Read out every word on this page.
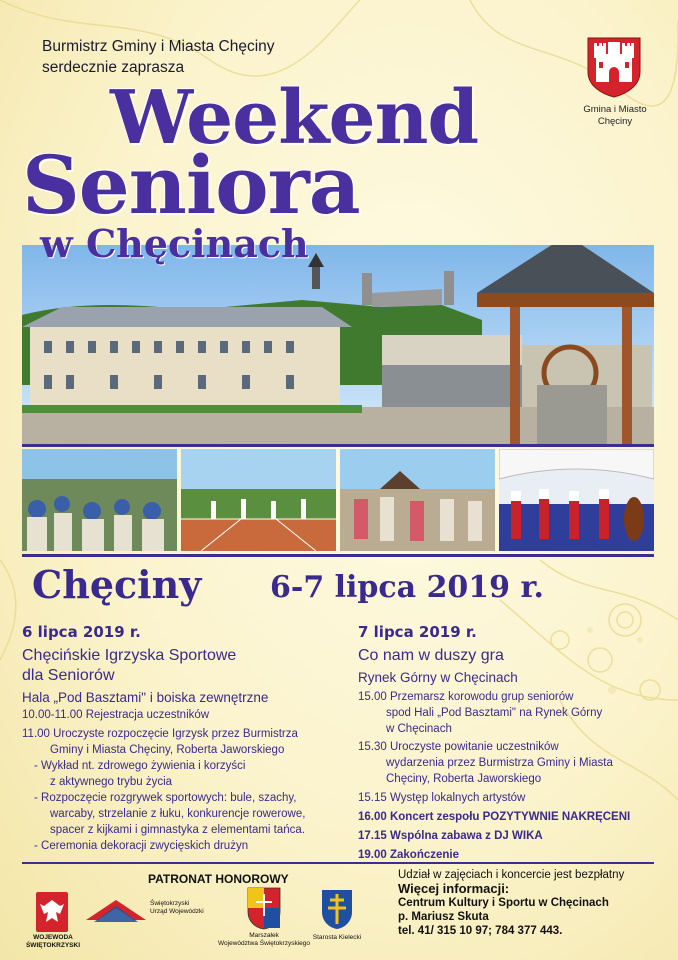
Burmistrz Gminy i Miasta Chęciny
serdecznie zaprasza
Gmina i Miasto
Chęciny
Weekend
Seniora
w Chęcinach
Chęciny 6-7 lipca 2019 r.
6 lipca 2019 r.
Chęcińskie Igrzyska Sportowe
dla Seniorów
Hala „Pod Basztami" i boiska zewnętrzne
10.00-11.00 Rejestracja uczestników
11.00 Uroczyste rozpoczęcie Igrzysk przez Burmistrza
Gminy i Miasta Chęciny, Roberta Jaworskiego
- Wykład nt. zdrowego żywienia i korzyści
z aktywnego trybu życia
- Rozpoczęcie rozgrywek sportowych: bule, szachy,
warcaby, strzelanie z łuku, konkurencje rowerowe,
spacer z kijkami i gimnastyka z elementami tańca.
- Ceremonia dekoracji zwycięskich drużyn
7 lipca 2019 r.
Co nam w duszy gra
Rynek Górny w Chęcinach
15.00 Przemarsz korowodu grup seniorów
spod Hali „Pod Basztami" na Rynek Górny
w Chęcinach
15.30 Uroczyste powitanie uczestników
wydarzenia przez Burmistrza Gminy i Miasta
Chęciny, Roberta Jaworskiego
15.15 Występ lokalnych artystów
16.00 Koncert zespołu POZYTYWNIE NAKRĘCENI
17.15 Wspólna zabawa z DJ WIKA
19.00 Zakończenie
PATRONAT HONOROWY
WOJEWODA ŚWIĘTOKRZYSKI
Świętokrzyski
Urząd Wojewódzki
Marszałek
Województwa Świętokrzyskiego
Starosta Kielecki
Udział w zajęciach i koncercie jest bezpłatny
Więcej informacji:
Centrum Kultury i Sportu w Chęcinach
p. Mariusz Skuta
tel. 41/ 315 10 97; 784 377 443.
